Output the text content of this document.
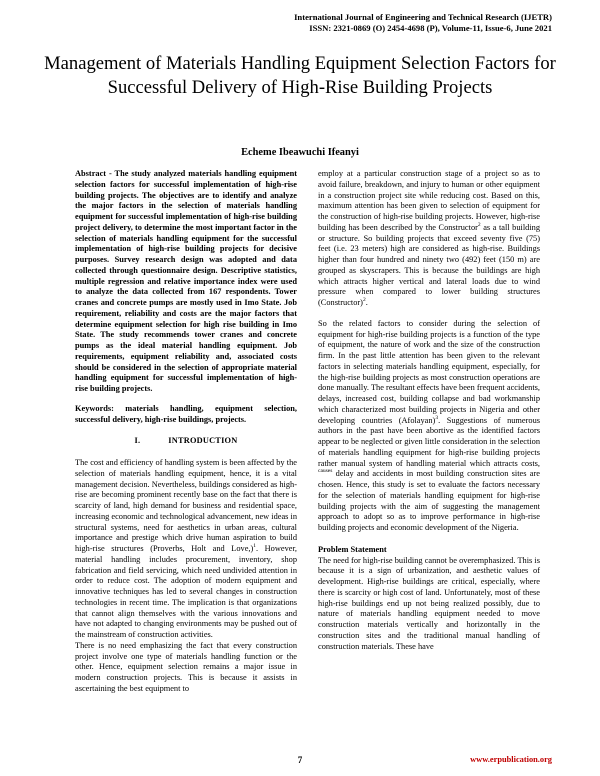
International Journal of Engineering and Technical Research (IJETR)
ISSN: 2321-0869 (O) 2454-4698 (P), Volume-11, Issue-6, June 2021
Management of Materials Handling Equipment Selection Factors for Successful Delivery of High-Rise Building Projects
Echeme Ibeawuchi Ifeanyi

Abstract - The study analyzed materials handling equipment selection factors for successful implementation of high-rise building projects. The objectives are to identify and analyze the major factors in the selection of materials handling equipment for successful implementation of high-rise building project delivery, to determine the most important factor in the selection of materials handling equipment for the successful implementation of high-rise building projects for decisive purposes. Survey research design was adopted and data collected through questionnaire design. Descriptive statistics, multiple regression and relative importance index were used to analyze the data collected from 167 respondents. Tower cranes and concrete pumps are mostly used in Imo State. Job requirement, reliability and costs are the major factors that determine equipment selection for high rise building in Imo State. The study recommends tower cranes and concrete pumps as the ideal material handling equipment. Job requirements, equipment reliability and, associated costs should be considered in the selection of appropriate material handling equipment for successful implementation of high-rise building projects.

Keywords: materials handling, equipment selection, successful delivery, high-rise buildings, projects.

I.	INTRODUCTION

The cost and efficiency of handling system is been affected by the selection of materials handling equipment, hence, it is a vital management decision. Nevertheless, buildings considered as high-rise are becoming prominent recently base on the fact that there is scarcity of land, high demand for business and residential space, increasing economic and technological advancement, new ideas in structural systems, need for aesthetics in urban areas, cultural importance and prestige which drive human aspiration to build high-rise structures (Proverbs, Holt and Love,)$^1$. However, material handling includes procurement, inventory, shop fabrication and field servicing, which need undivided attention in order to reduce cost. The adoption of modern equipment and innovative techniques has led to several changes in construction technologies in recent time. The implication is that organizations that cannot align themselves with the various innovations and have not adapted to changing environments may be pushed out of the mainstream of construction activities.

There is no need emphasizing the fact that every construction project involve one type of materials handling function or the other. Hence, equipment selection remains a major issue in modern construction projects. This is because it assists in ascertaining the best equipment to

employ at a particular construction stage of a project so as to avoid failure, breakdown, and injury to human or other equipment in a construction project site while reducing cost. Based on this, maximum attention has been given to selection of equipment for the construction of high-rise building projects. However, high-rise building has been described by the Constructor$^2$ as a tall building or structure. So building projects that exceed seventy five (75) feet (i.e. 23 meters) high are considered as high-rise. Buildings higher than four hundred and ninety two (492) feet (150 m) are grouped as skyscrapers. This is because the buildings are high which attracts higher vertical and lateral loads due to wind pressure when compared to lower building structures (Constructor)$^2$.

So the related factors to consider during the selection of equipment for high-rise building projects is a function of the type of equipment, the nature of work and the size of the construction firm. In the past little attention has been given to the relevant factors in selecting materials handling equipment, especially, for the high-rise building projects as most construction operations are done manually. The resultant effects have been frequent accidents, delays, increased cost, building collapse and bad workmanship which characterized most building projects in Nigeria and other developing countries (Afolayan)$^3$. Suggestions of numerous authors in the past have been abortive as the identified factors appear to be neglected or given little consideration in the selection of materials handling equipment for high-rise building projects rather manual system of handling material which attracts costs, $^{causes}$ delay and accidents in most building construction sites are chosen. Hence, this study is set to evaluate the factors necessary for the selection of materials handling equipment for high-rise building projects with the aim of suggesting the management approach to adopt so as to improve performance in high-rise building projects and economic development of the Nigeria.

Problem Statement

The need for high-rise building cannot be overemphasized. This is because it is a sign of urbanization, and aesthetic values of development. High-rise buildings are critical, especially, where there is scarcity or high cost of land. Unfortunately, most of these high-rise buildings end up not being realized possibly, due to nature of materials handling equipment needed to move construction materials vertically and horizontally in the construction sites and the traditional manual handling of construction materials. These have

7	www.erpublication.org
